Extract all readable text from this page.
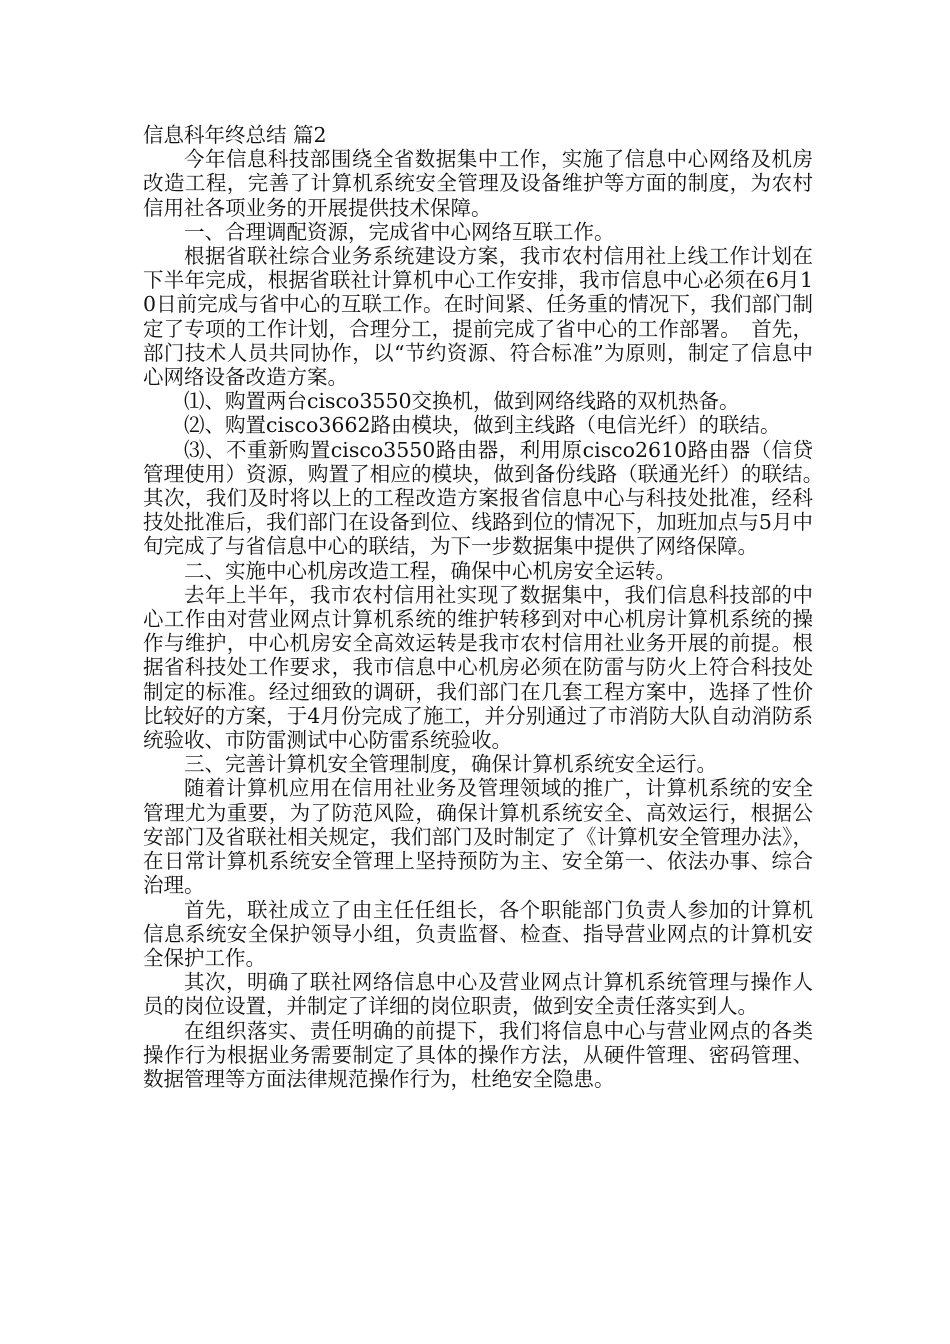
信息科年终总结 篇2

今年信息科技部围绕全省数据集中工作，实施了信息中心网络及机房改造工程，完善了计算机系统安全管理及设备维护等方面的制度，为农村信用社各项业务的开展提供技术保障。

一、合理调配资源，完成省中心网络互联工作。

根据省联社综合业务系统建设方案，我市农村信用社上线工作计划在下半年完成，根据省联社计算机中心工作安排，我市信息中心必须在6月10日前完成与省中心的互联工作。在时间紧、任务重的情况下，我们部门制定了专项的工作计划，合理分工，提前完成了省中心的工作部署。　首先，部门技术人员共同协作，以“节约资源、符合标准”为原则，制定了信息中心网络设备改造方案。

⑴、购置两台cisco3550交换机，做到网络线路的双机热备。

⑵、购置cisco3662路由模块，做到主线路（电信光纤）的联结。

⑶、不重新购置cisco3550路由器，利用原cisco2610路由器（信贷管理使用）资源，购置了相应的模块，做到备份线路（联通光纤）的联结。　其次，我们及时将以上的工程改造方案报省信息中心与科技处批准，经科技处批准后，我们部门在设备到位、线路到位的情况下，加班加点与5月中旬完成了与省信息中心的联结，为下一步数据集中提供了网络保障。

二、实施中心机房改造工程，确保中心机房安全运转。

去年上半年，我市农村信用社实现了数据集中，我们信息科技部的中心工作由对营业网点计算机系统的维护转移到对中心机房计算机系统的操作与维护，中心机房安全高效运转是我市农村信用社业务开展的前提。根据省科技处工作要求，我市信息中心机房必须在防雷与防火上符合科技处制定的标准。经过细致的调研，我们部门在几套工程方案中，选择了性价比较好的方案，于4月份完成了施工，并分别通过了市消防大队自动消防系统验收、市防雷测试中心防雷系统验收。

三、完善计算机安全管理制度，确保计算机系统安全运行。

随着计算机应用在信用社业务及管理领域的推广，计算机系统的安全管理尤为重要，为了防范风险，确保计算机系统安全、高效运行，根据公安部门及省联社相关规定，我们部门及时制定了《计算机安全管理办法》，在日常计算机系统安全管理上坚持预防为主、安全第一、依法办事、综合治理。

首先，联社成立了由主任任组长，各个职能部门负责人参加的计算机信息系统安全保护领导小组，负责监督、检查、指导营业网点的计算机安全保护工作。

其次，明确了联社网络信息中心及营业网点计算机系统管理与操作人员的岗位设置，并制定了详细的岗位职责，做到安全责任落实到人。

在组织落实、责任明确的前提下，我们将信息中心与营业网点的各类操作行为根据业务需要制定了具体的操作方法，从硬件管理、密码管理、数据管理等方面法律规范操作行为，杜绝安全隐患。
